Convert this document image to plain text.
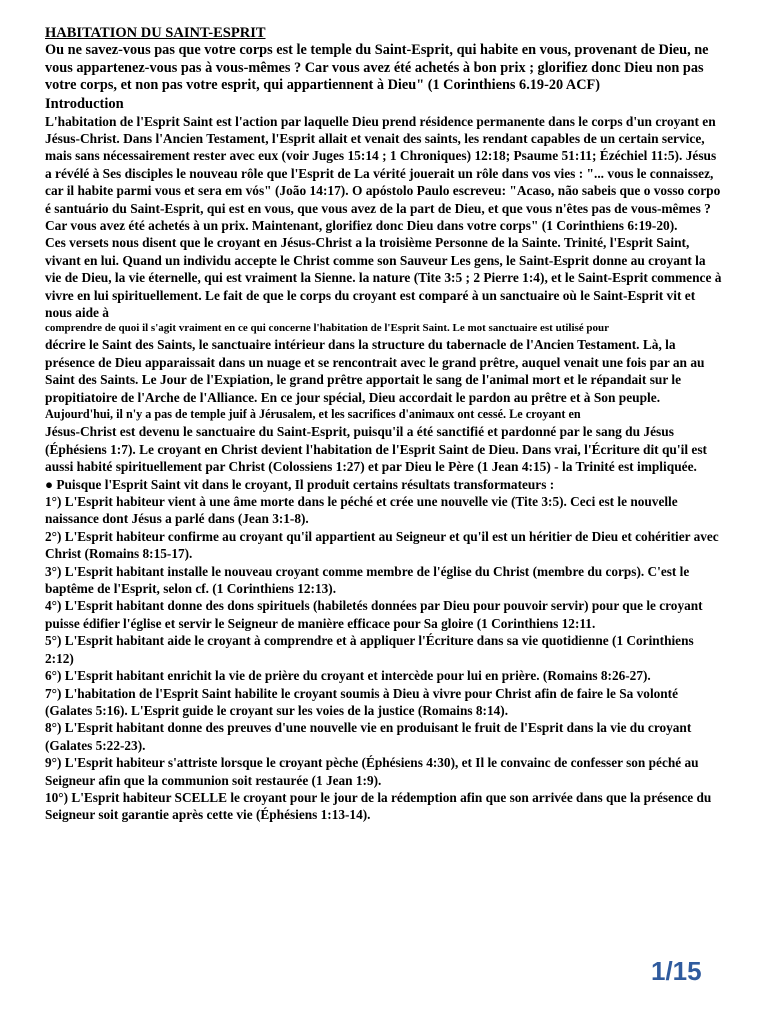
HABITATION DU SAINT-ESPRIT

Ou ne savez-vous pas que votre corps est le temple du Saint-Esprit, qui habite en vous, provenant de Dieu, ne vous appartenez-vous pas à vous-mêmes ? Car vous avez été achetés à bon prix ; glorifiez donc Dieu non pas votre corps, et non pas votre esprit, qui appartiennent à Dieu" (1 Corinthiens 6.19-20 ACF)

Introduction

L'habitation de l'Esprit Saint est l'action par laquelle Dieu prend résidence permanente dans le corps d'un croyant en Jésus-Christ. Dans l'Ancien Testament, l'Esprit allait et venait des saints, les rendant capables de un certain service, mais sans nécessairement rester avec eux (voir Juges 15:14 ; 1 Chroniques) 12:18; Psaume 51:11; Ézéchiel 11:5). Jésus a révélé à Ses disciples le nouveau rôle que l'Esprit de La vérité jouerait un rôle dans vos vies : "... vous le connaissez, car il habite parmi vous et sera em vós" (João 14:17). O apóstolo Paulo escreveu: "Acaso, não sabeis que o vosso corpo é santuário du Saint-Esprit, qui est en vous, que vous avez de la part de Dieu, et que vous n'êtes pas de vous-mêmes ? Car vous avez été achetés à un prix. Maintenant, glorifiez donc Dieu dans votre corps" (1 Corinthiens 6:19-20).

Ces versets nous disent que le croyant en Jésus-Christ a la troisième Personne de la Sainte. Trinité, l'Esprit Saint, vivant en lui. Quand un individu accepte le Christ comme son Sauveur Les gens, le Saint-Esprit donne au croyant la vie de Dieu, la vie éternelle, qui est vraiment la Sienne. la nature (Tite 3:5 ; 2 Pierre 1:4), et le Saint-Esprit commence à vivre en lui spirituellement. Le fait de que le corps du croyant est comparé à un sanctuaire où le Saint-Esprit vit et nous aide à

comprendre de quoi il s'agit vraiment en ce qui concerne l'habitation de l'Esprit Saint. Le mot sanctuaire est utilisé pour

décrire le Saint des Saints, le sanctuaire intérieur dans la structure du tabernacle de l'Ancien Testament. Là, la présence de Dieu apparaissait dans un nuage et se rencontrait avec le grand prêtre, auquel venait une fois par an au Saint des Saints. Le Jour de l'Expiation, le grand prêtre apportait le sang de l'animal mort et le répandait sur le propitiatoire de l'Arche de l'Alliance. En ce jour spécial, Dieu accordait le pardon au prêtre et à Son peuple.

Aujourd'hui, il n'y a pas de temple juif à Jérusalem, et les sacrifices d'animaux ont cessé. Le croyant en

Jésus-Christ est devenu le sanctuaire du Saint-Esprit, puisqu'il a été sanctifié et pardonné par le sang du Jésus (Éphésiens 1:7). Le croyant en Christ devient l'habitation de l'Esprit Saint de Dieu. Dans vrai, l'Écriture dit qu'il est aussi habité spirituellement par Christ (Colossiens 1:27) et par Dieu le Père (1 Jean 4:15) - la Trinité est impliquée.

● Puisque l'Esprit Saint vit dans le croyant, Il produit certains résultats transformateurs :

1°) L'Esprit habiteur vient à une âme morte dans le péché et crée une nouvelle vie (Tite 3:5). Ceci est le nouvelle naissance dont Jésus a parlé dans (Jean 3:1-8).

2°) L'Esprit habiteur confirme au croyant qu'il appartient au Seigneur et qu'il est un héritier de Dieu et cohéritier avec Christ (Romains 8:15-17).

3°) L'Esprit habitant installe le nouveau croyant comme membre de l'église du Christ (membre du corps). C'est le baptême de l'Esprit, selon cf. (1 Corinthiens 12:13).

4°) L'Esprit habitant donne des dons spirituels (habiletés données par Dieu pour pouvoir servir) pour que le croyant puisse édifier l'église et servir le Seigneur de manière efficace pour Sa gloire (1 Corinthiens 12:11.

5°) L'Esprit habitant aide le croyant à comprendre et à appliquer l'Écriture dans sa vie quotidienne (1 Corinthiens 2:12)

6°) L'Esprit habitant enrichit la vie de prière du croyant et intercède pour lui en prière. (Romains 8:26-27).

7°) L'habitation de l'Esprit Saint habilite le croyant soumis à Dieu à vivre pour Christ afin de faire le Sa volonté (Galates 5:16). L'Esprit guide le croyant sur les voies de la justice (Romains 8:14).

8°) L'Esprit habitant donne des preuves d'une nouvelle vie en produisant le fruit de l'Esprit dans la vie du croyant (Galates 5:22-23).

9°) L'Esprit habiteur s'attriste lorsque le croyant pèche (Éphésiens 4:30), et Il le convainc de confesser son péché au Seigneur afin que la communion soit restaurée (1 Jean 1:9).

10°) L'Esprit habiteur SCELLE le croyant pour le jour de la rédemption afin que son arrivée dans que la présence du Seigneur soit garantie après cette vie (Éphésiens 1:13-14).

1/15
